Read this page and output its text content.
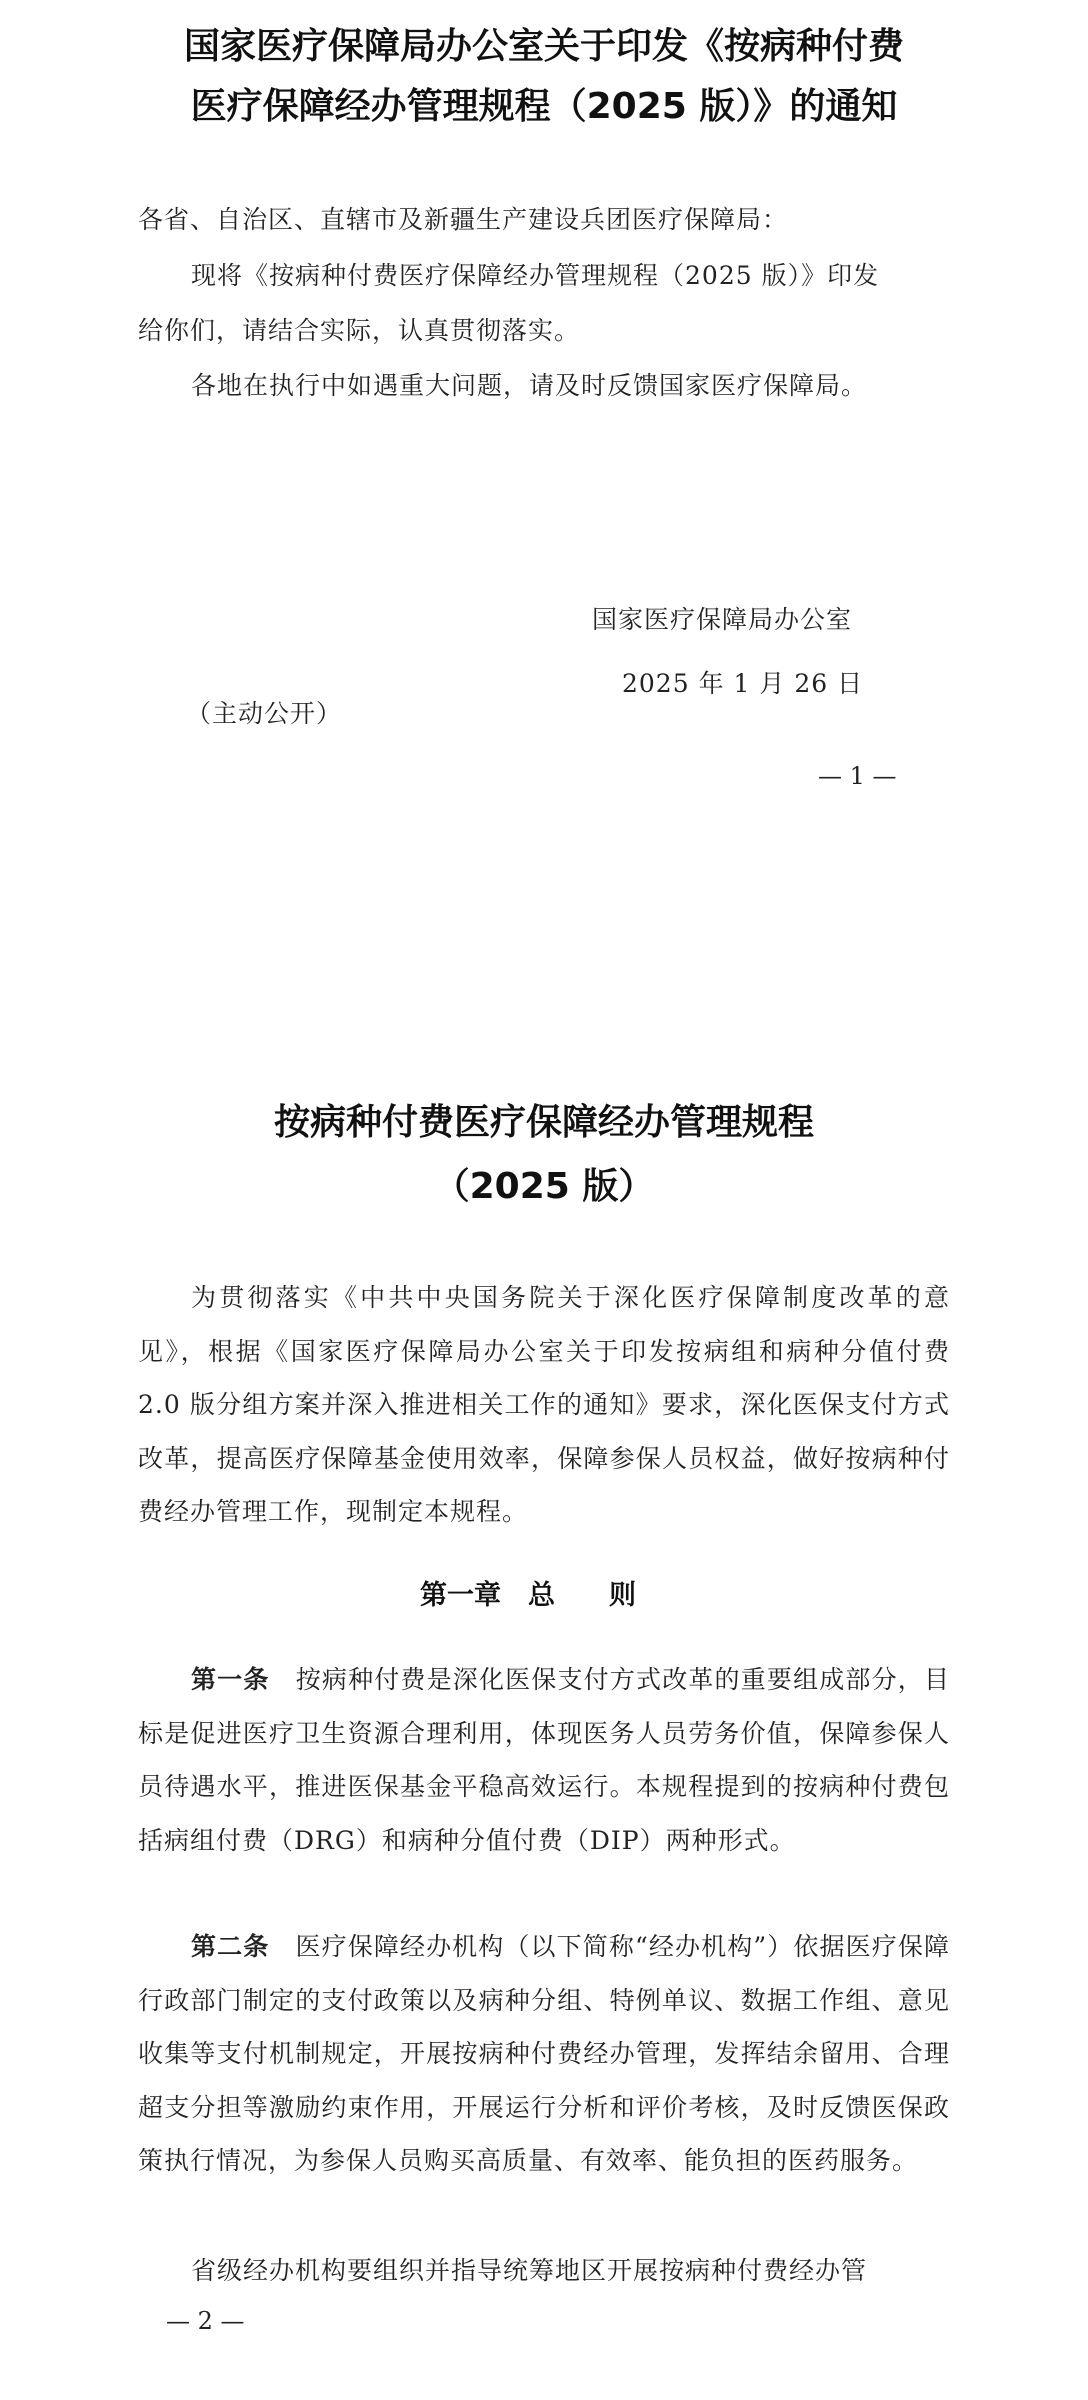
国家医疗保障局办公室关于印发《按病种付费
医疗保障经办管理规程（2025 版）》的通知
各省、自治区、直辖市及新疆生产建设兵团医疗保障局：
现将《按病种付费医疗保障经办管理规程（2025 版）》印发
给你们，请结合实际，认真贯彻落实。
各地在执行中如遇重大问题，请及时反馈国家医疗保障局。
国家医疗保障局办公室
2025 年 1 月 26 日
（主动公开）
— 1 —
按病种付费医疗保障经办管理规程
（2025 版）
为贯彻落实《中共中央国务院关于深化医疗保障制度改革的意见》，根据《国家医疗保障局办公室关于印发按病组和病种分值付费 2.0 版分组方案并深入推进相关工作的通知》要求，深化医保支付方式改革，提高医疗保障基金使用效率，保障参保人员权益，做好按病种付费经办管理工作，现制定本规程。
第一章　总　　则
第一条　 按病种付费是深化医保支付方式改革的重要组成部分，目标是促进医疗卫生资源合理利用，体现医务人员劳务价值，保障参保人员待遇水平，推进医保基金平稳高效运行。本规程提到的按病种付费包括病组付费（DRG）和病种分值付费（DIP）两种形式。
第二条　 医疗保障经办机构（以下简称“经办机构”）依据医疗保障行政部门制定的支付政策以及病种分组、特例单议、数据工作组、意见收集等支付机制规定，开展按病种付费经办管理，发挥结余留用、合理超支分担等激励约束作用，开展运行分析和评价考核，及时反馈医保政策执行情况，为参保人员购买高质量、有效率、能负担的医药服务。
省级经办机构要组织并指导统筹地区开展按病种付费经办管
— 2 —
